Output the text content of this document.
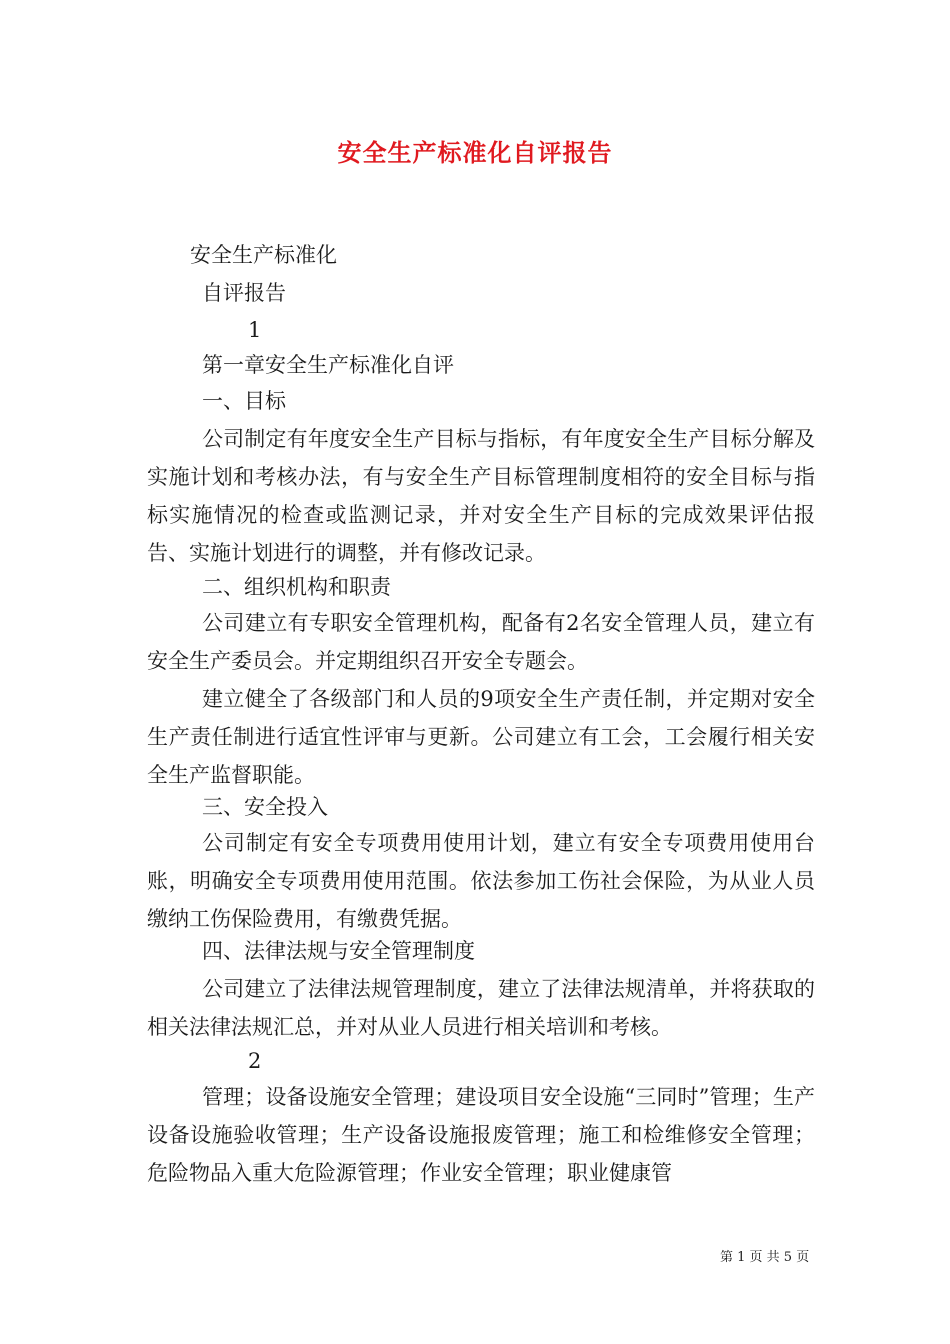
安全生产标准化自评报告
安全生产标准化
自评报告
1
第一章安全生产标准化自评
一、目标
公司制定有年度安全生产目标与指标，有年度安全生产目标分解及实施计划和考核办法，有与安全生产目标管理制度相符的安全目标与指标实施情况的检查或监测记录，并对安全生产目标的完成效果评估报告、实施计划进行的调整，并有修改记录。
二、组织机构和职责
公司建立有专职安全管理机构，配备有2名安全管理人员，建立有安全生产委员会。并定期组织召开安全专题会。
建立健全了各级部门和人员的9项安全生产责任制，并定期对安全生产责任制进行适宜性评审与更新。公司建立有工会，工会履行相关安全生产监督职能。
三、安全投入
公司制定有安全专项费用使用计划，建立有安全专项费用使用台账，明确安全专项费用使用范围。依法参加工伤社会保险，为从业人员缴纳工伤保险费用，有缴费凭据。
四、法律法规与安全管理制度
公司建立了法律法规管理制度，建立了法律法规清单，并将获取的相关法律法规汇总，并对从业人员进行相关培训和考核。
2
管理；设备设施安全管理；建设项目安全设施“三同时”管理；生产设备设施验收管理；生产设备设施报废管理；施工和检维修安全管理；危险物品入重大危险源管理；作业安全管理；职业健康管
第 1 页 共 5 页
